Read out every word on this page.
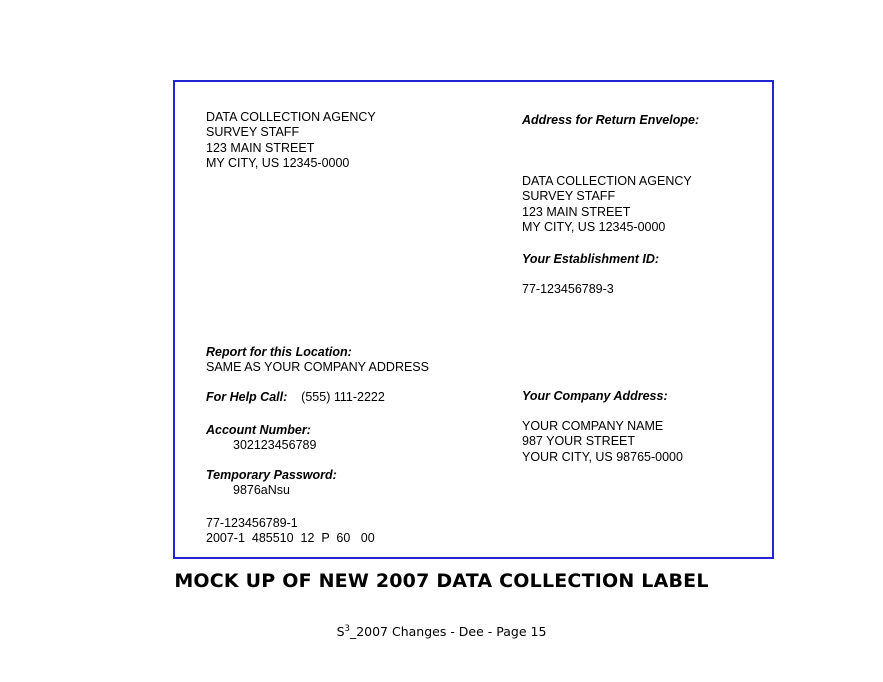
DATA COLLECTION AGENCY
SURVEY STAFF
123 MAIN STREET
MY CITY, US 12345-0000
Report for this Location:
SAME AS YOUR COMPANY ADDRESS
For Help Call: (555) 111-2222
Account Number:
302123456789
Temporary Password:
9876aNsu
77-123456789-1
2007-1  485510  12  P  60   00
Address for Return Envelope:
DATA COLLECTION AGENCY
SURVEY STAFF
123 MAIN STREET
MY CITY, US 12345-0000
Your Establishment ID:
77-123456789-3
Your Company Address:
YOUR COMPANY NAME
987 YOUR STREET
YOUR CITY, US 98765-0000
MOCK UP OF NEW 2007 DATA COLLECTION LABEL
$S^3\_2007$ Changes - Dee - Page 15
